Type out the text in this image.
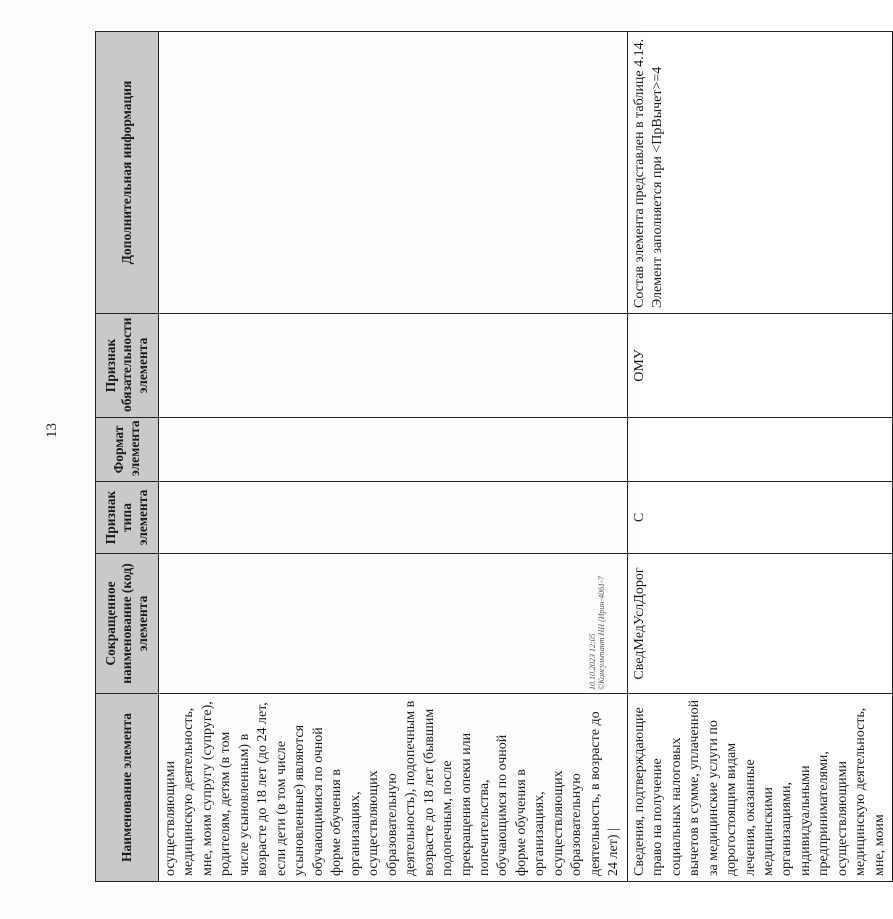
13
Наименование элемента	Сокращенное наименование (код) элемента	Признак типа элемента	Формат элемента	Признак обязательности элемента	Дополнительная информация
осуществляющими медицинскую деятельность, мне, моим супругу (супруге), родителям, детям (в том числе усыновленным) в возрасте до 18 лет (до 24 лет, если дети (в том числе усыновленные) являются обучающимися по очной форме обучения в организациях, осуществляющих образовательную деятельность), подопечным в возрасте до 18 лет (бывшим подопечным, после прекращения опеки или попечительства, обучающимся по очной форме обучения в организациях, осуществляющих образовательную деятельность, в возрасте до 24 лет) |					
Сведения, подтверждающие право на получение социальных налоговых вычетов в сумме, уплаченной за медицинские услуги по дорогостоящим видам лечения, оказанные медицинскими организациями, индивидуальными предпринимателями, осуществляющими медицинскую деятельность, мне, моим	СведМедУслДорог	С		ОМУ	Состав элемента представлен в таблице 4.14. Элемент заполняется при <ПрВычет>=4
10.10.2023 12:05 ©Консультант НН (Ирин-4061-7
